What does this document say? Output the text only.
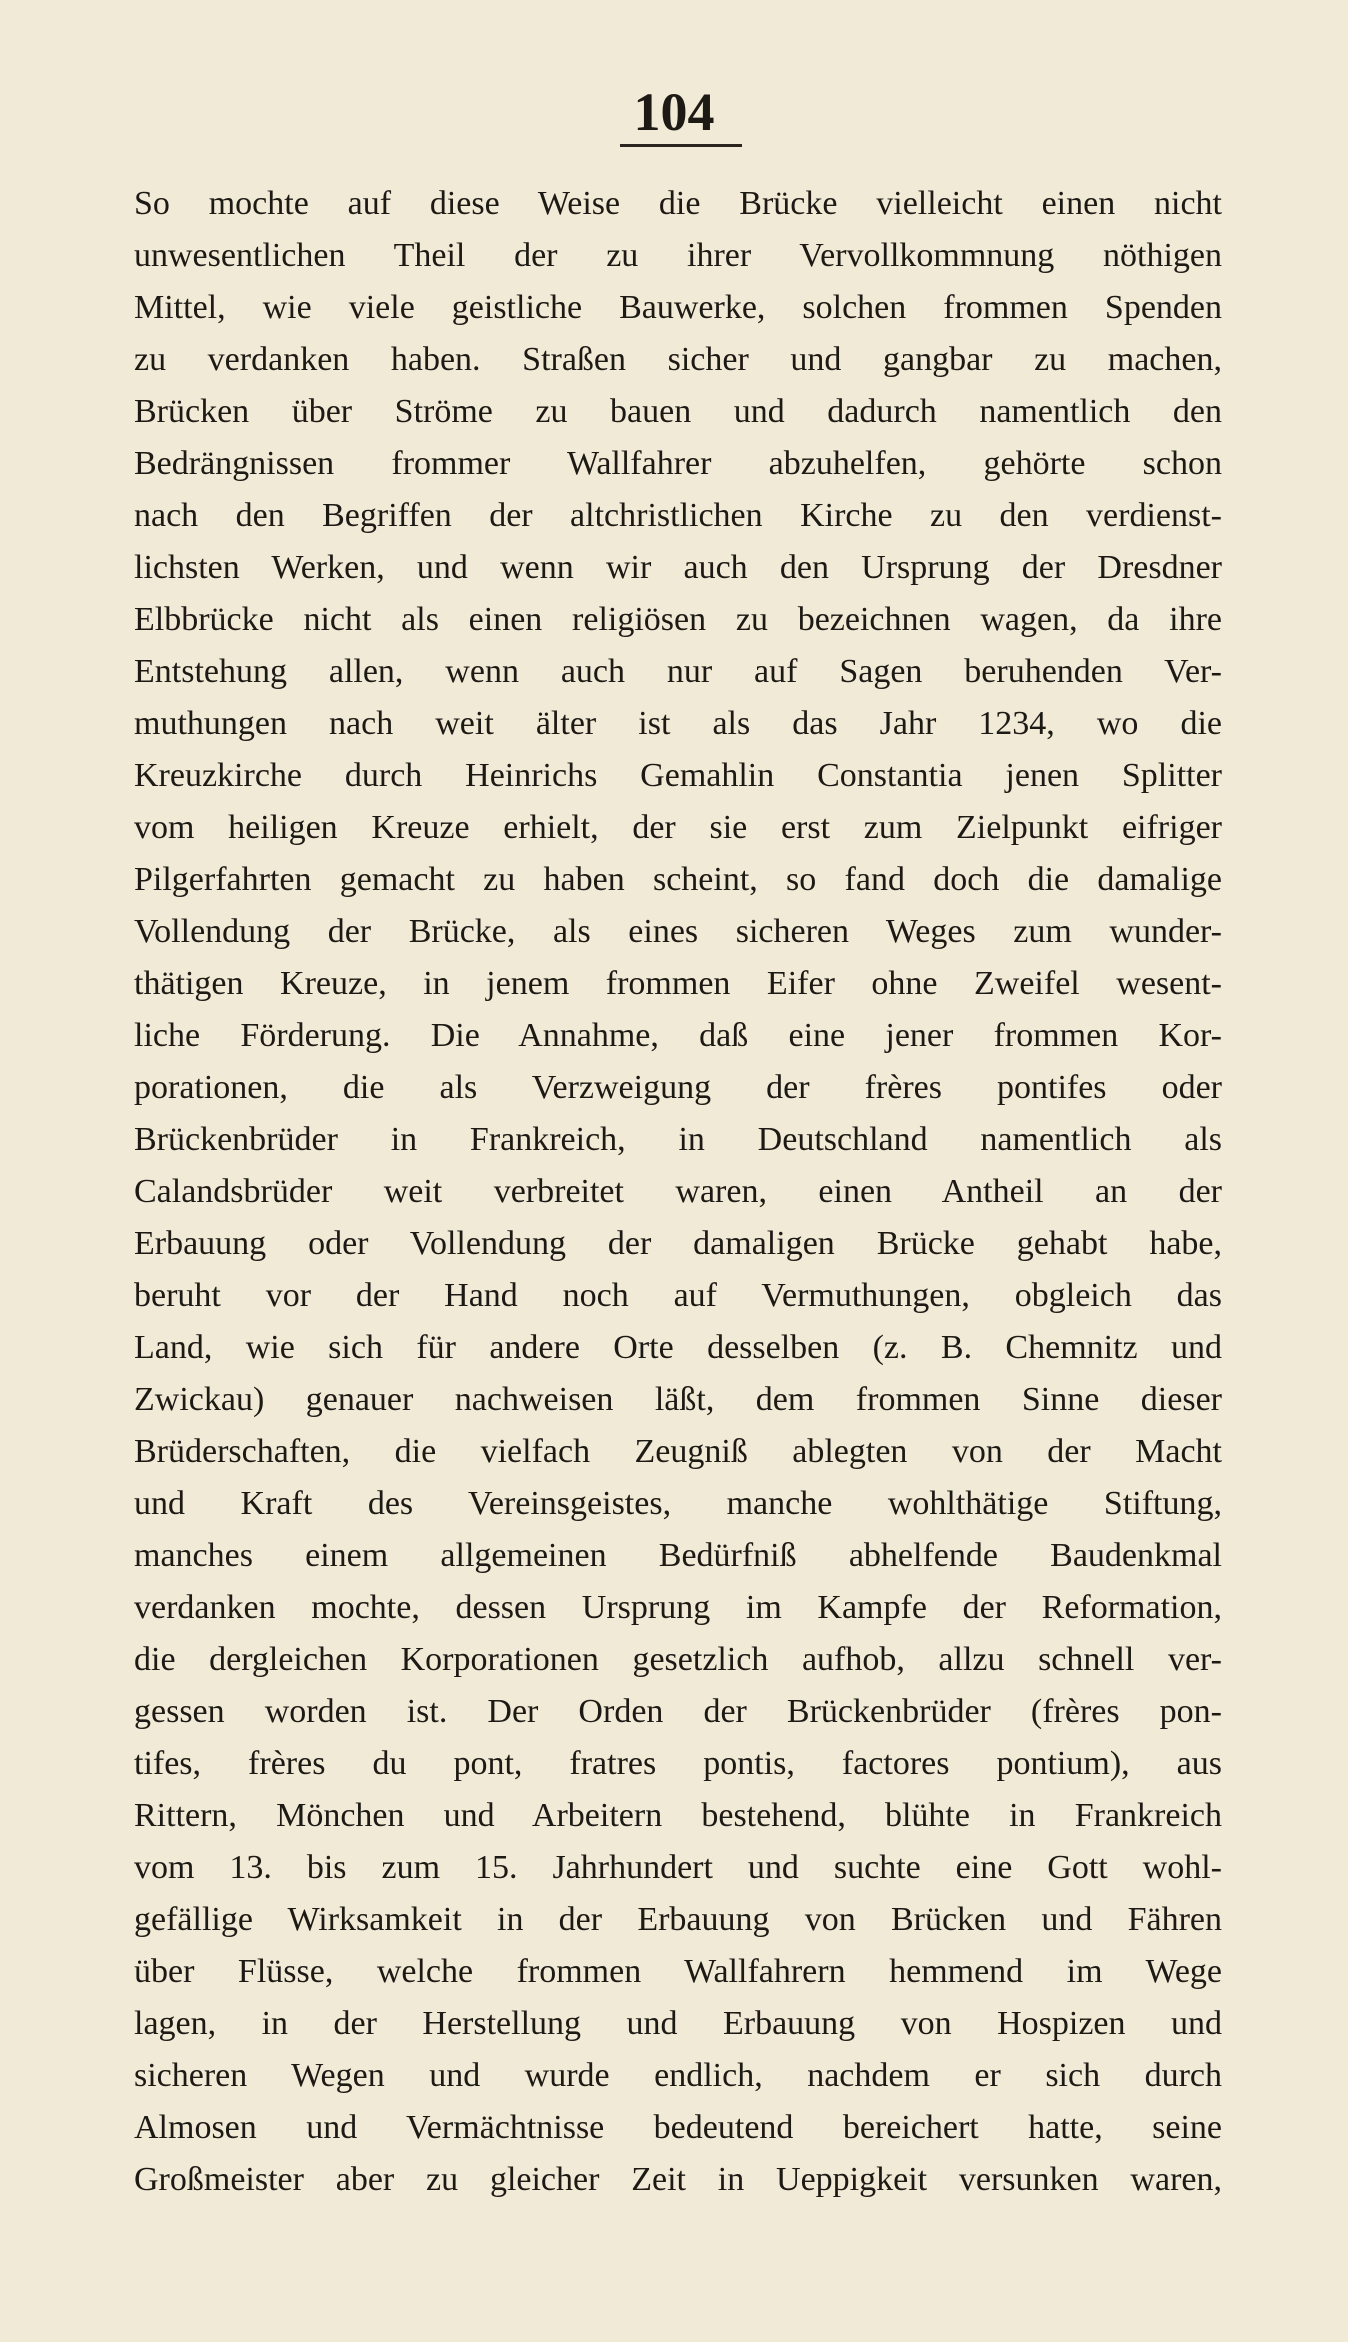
104
So mochte auf diese Weise die Brücke vielleicht einen nicht
unwesentlichen Theil der zu ihrer Vervollkommnung nöthigen
Mittel, wie viele geistliche Bauwerke, solchen frommen Spenden
zu verdanken haben. Straßen sicher und gangbar zu machen,
Brücken über Ströme zu bauen und dadurch namentlich den
Bedrängnissen frommer Wallfahrer abzuhelfen, gehörte schon
nach den Begriffen der altchristlichen Kirche zu den verdienst-
lichsten Werken, und wenn wir auch den Ursprung der Dresdner
Elbbrücke nicht als einen religiösen zu bezeichnen wagen, da ihre
Entstehung allen, wenn auch nur auf Sagen beruhenden Ver-
muthungen nach weit älter ist als das Jahr 1234, wo die
Kreuzkirche durch Heinrichs Gemahlin Constantia jenen Splitter
vom heiligen Kreuze erhielt, der sie erst zum Zielpunkt eifriger
Pilgerfahrten gemacht zu haben scheint, so fand doch die damalige
Vollendung der Brücke, als eines sicheren Weges zum wunder-
thätigen Kreuze, in jenem frommen Eifer ohne Zweifel wesent-
liche Förderung. Die Annahme, daß eine jener frommen Kor-
porationen, die als Verzweigung der frères pontifes oder
Brückenbrüder in Frankreich, in Deutschland namentlich als
Calandsbrüder weit verbreitet waren, einen Antheil an der
Erbauung oder Vollendung der damaligen Brücke gehabt habe,
beruht vor der Hand noch auf Vermuthungen, obgleich das
Land, wie sich für andere Orte desselben (z. B. Chemnitz und
Zwickau) genauer nachweisen läßt, dem frommen Sinne dieser
Brüderschaften, die vielfach Zeugniß ablegten von der Macht
und Kraft des Vereinsgeistes, manche wohlthätige Stiftung,
manches einem allgemeinen Bedürfniß abhelfende Baudenkmal
verdanken mochte, dessen Ursprung im Kampfe der Reformation,
die dergleichen Korporationen gesetzlich aufhob, allzu schnell ver-
gessen worden ist. Der Orden der Brückenbrüder (frères pon-
tifes, frères du pont, fratres pontis, factores pontium), aus
Rittern, Mönchen und Arbeitern bestehend, blühte in Frankreich
vom 13. bis zum 15. Jahrhundert und suchte eine Gott wohl-
gefällige Wirksamkeit in der Erbauung von Brücken und Fähren
über Flüsse, welche frommen Wallfahrern hemmend im Wege
lagen, in der Herstellung und Erbauung von Hospizen und
sicheren Wegen und wurde endlich, nachdem er sich durch
Almosen und Vermächtnisse bedeutend bereichert hatte, seine
Großmeister aber zu gleicher Zeit in Ueppigkeit versunken waren,
